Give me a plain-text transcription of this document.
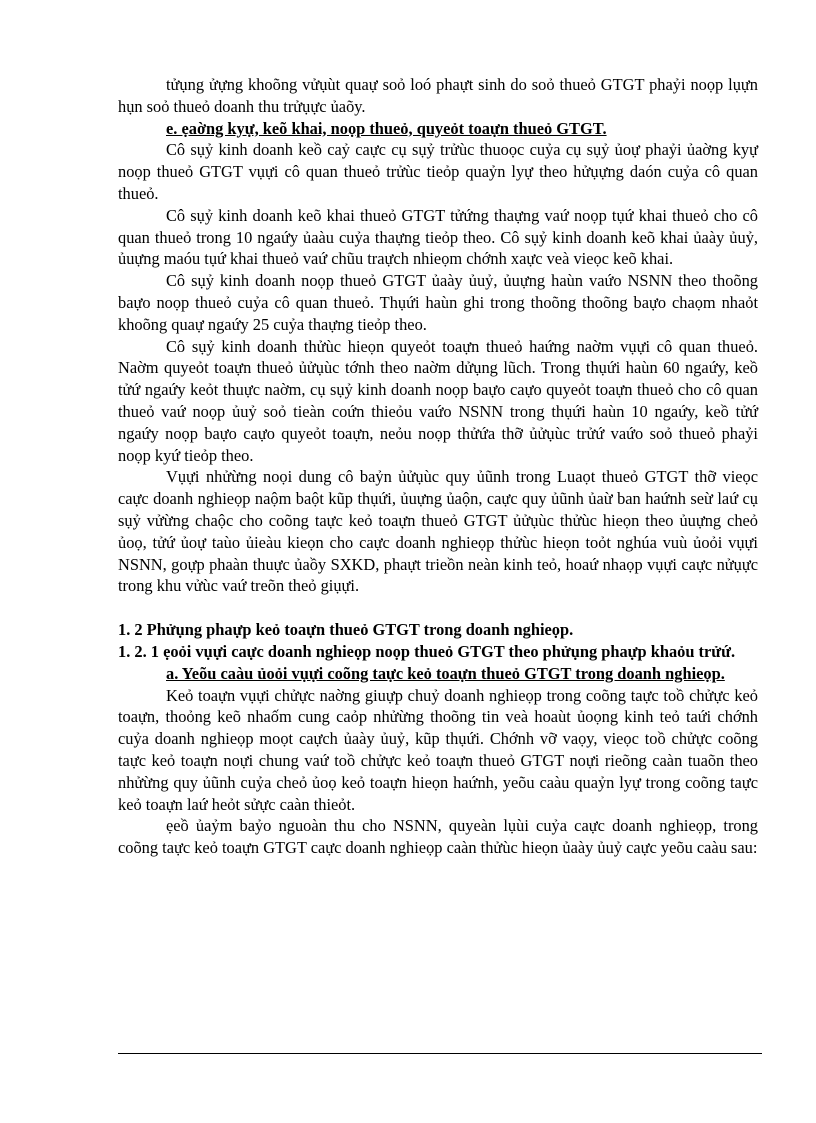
tửụng ửựng khoõng vửụùt quaự soỏ loó phaựt sinh do soỏ thueỏ GTGT phaỷi noọp lụựn hụn soỏ thueỏ doanh thu trửụực ủaõy.

e. ẹaờng kyự, keõ khai, noọp thueỏ, quyeỏt toaựn thueỏ GTGT.

Cô sụỷ kinh doanh keồ caỷ caực cụ sụỷ trửùc thuoọc cuỷa cụ sụỷ ủoự phaỷi ủaờng kyự noọp thueỏ GTGT vụựi cô quan thueỏ trửùc tieỏp quaỷn lyự theo hửụựng daón cuỷa cô quan thueỏ.

Cô sụỷ kinh doanh keõ khai thueỏ GTGT tửứng thaựng vaứ noọp tụứ khai thueỏ cho cô quan thueỏ trong 10 ngaứy ủaàu cuỷa thaựng tieỏp theo. Cô sụỷ kinh doanh keõ khai ủaày ủuỷ, ủuựng maóu tụứ khai thueỏ vaứ chũu traựch nhieọm chớnh xaực veà vieọc keõ khai.

Cô sụỷ kinh doanh noọp thueỏ GTGT ủaày ủuỷ, ủuựng haùn vaứo NSNN theo thoõng baựo noọp thueỏ cuỷa cô quan thueỏ. Thụứi haùn ghi trong thoõng thoõng baựo chaọm nhaỏt khoõng quaự ngaứy 25 cuỷa thaựng tieỏp theo.

Cô sụỷ kinh doanh thửùc hieọn quyeỏt toaựn thueỏ haứng naờm vụựi cô quan thueỏ. Naờm quyeỏt toaựn thueỏ ủửụùc tớnh theo naờm dửụng lũch. Trong thụứi haùn 60 ngaứy, keồ tửứ ngaứy keỏt thuực naờm, cụ sụỷ kinh doanh noọp baựo caựo quyeỏt toaựn thueỏ cho cô quan thueỏ vaứ noọp ủuỷ soỏ tieàn coứn thieỏu vaứo NSNN trong thụứi haùn 10 ngaứy, keồ tửứ ngaứy noọp baựo caựo quyeỏt toaựn, neỏu noọp thửứa thỡ ủửụùc trửứ vaứo soỏ thueỏ phaỷi noọp kyứ tieỏp theo.

Vụựi nhửừng noọi dung cô baỷn ủửụùc quy ủũnh trong Luaọt thueỏ GTGT thỡ vieọc caực doanh nghieọp naộm baột kũp thụứi, ủuựng ủaộn, caực quy ủũnh ủaừ ban haứnh seừ laứ cụ sụỷ vửừng chaộc cho coõng taực keỏ toaựn thueỏ GTGT ủửụùc thửùc hieọn theo ủuựng cheỏ ủoọ, tửứ ủoự taùo ủieàu kieọn cho caực doanh nghieọp thửùc hieọn toỏt nghúa vuù ủoỏi vụựi NSNN, goựp phaàn thuực ủaồy SXKD, phaựt trieồn neàn kinh teỏ, hoaứ nhaọp vụựi caực nửụực trong khu vửùc vaứ treõn theỏ giụựi.

1. 2 Phửụng phaựp keỏ toaựn thueỏ GTGT trong doanh nghieọp.

1. 2. 1 ẹoỏi vụựi caực doanh nghieọp noọp thueỏ GTGT theo phửụng phaựp khaỏu trửứ.

a. Yeõu caàu ủoỏi vụựi coõng taực keỏ toaựn thueỏ GTGT trong doanh nghieọp.

Keỏ toaựn vụựi chửực naờng giuựp chuỷ doanh nghieọp trong coõng taực toồ chửực keỏ toaựn, thoỏng keõ nhaốm cung caỏp nhửừng thoõng tin veà hoaùt ủoọng kinh teỏ taứi chớnh cuỷa doanh nghieọp moọt caựch ủaày ủuỷ, kũp thụứi. Chớnh vỡ vaọy, vieọc toồ chửực coõng taực keỏ toaựn noựi chung vaứ toồ chửực keỏ toaựn thueỏ GTGT noựi rieõng caàn tuaõn theo nhửừng quy ủũnh cuỷa cheỏ ủoọ keỏ toaựn hieọn haứnh, yeõu caàu quaỷn lyự trong coõng taực keỏ toaựn laứ heỏt sửực caàn thieỏt.

ẹeồ ủaỷm baỷo nguoàn thu cho NSNN, quyeàn lụùi cuỷa caực doanh nghieọp, trong coõng taực keỏ toaựn GTGT caực doanh nghieọp caàn thửùc hieọn ủaày ủuỷ caực yeõu caàu sau:
